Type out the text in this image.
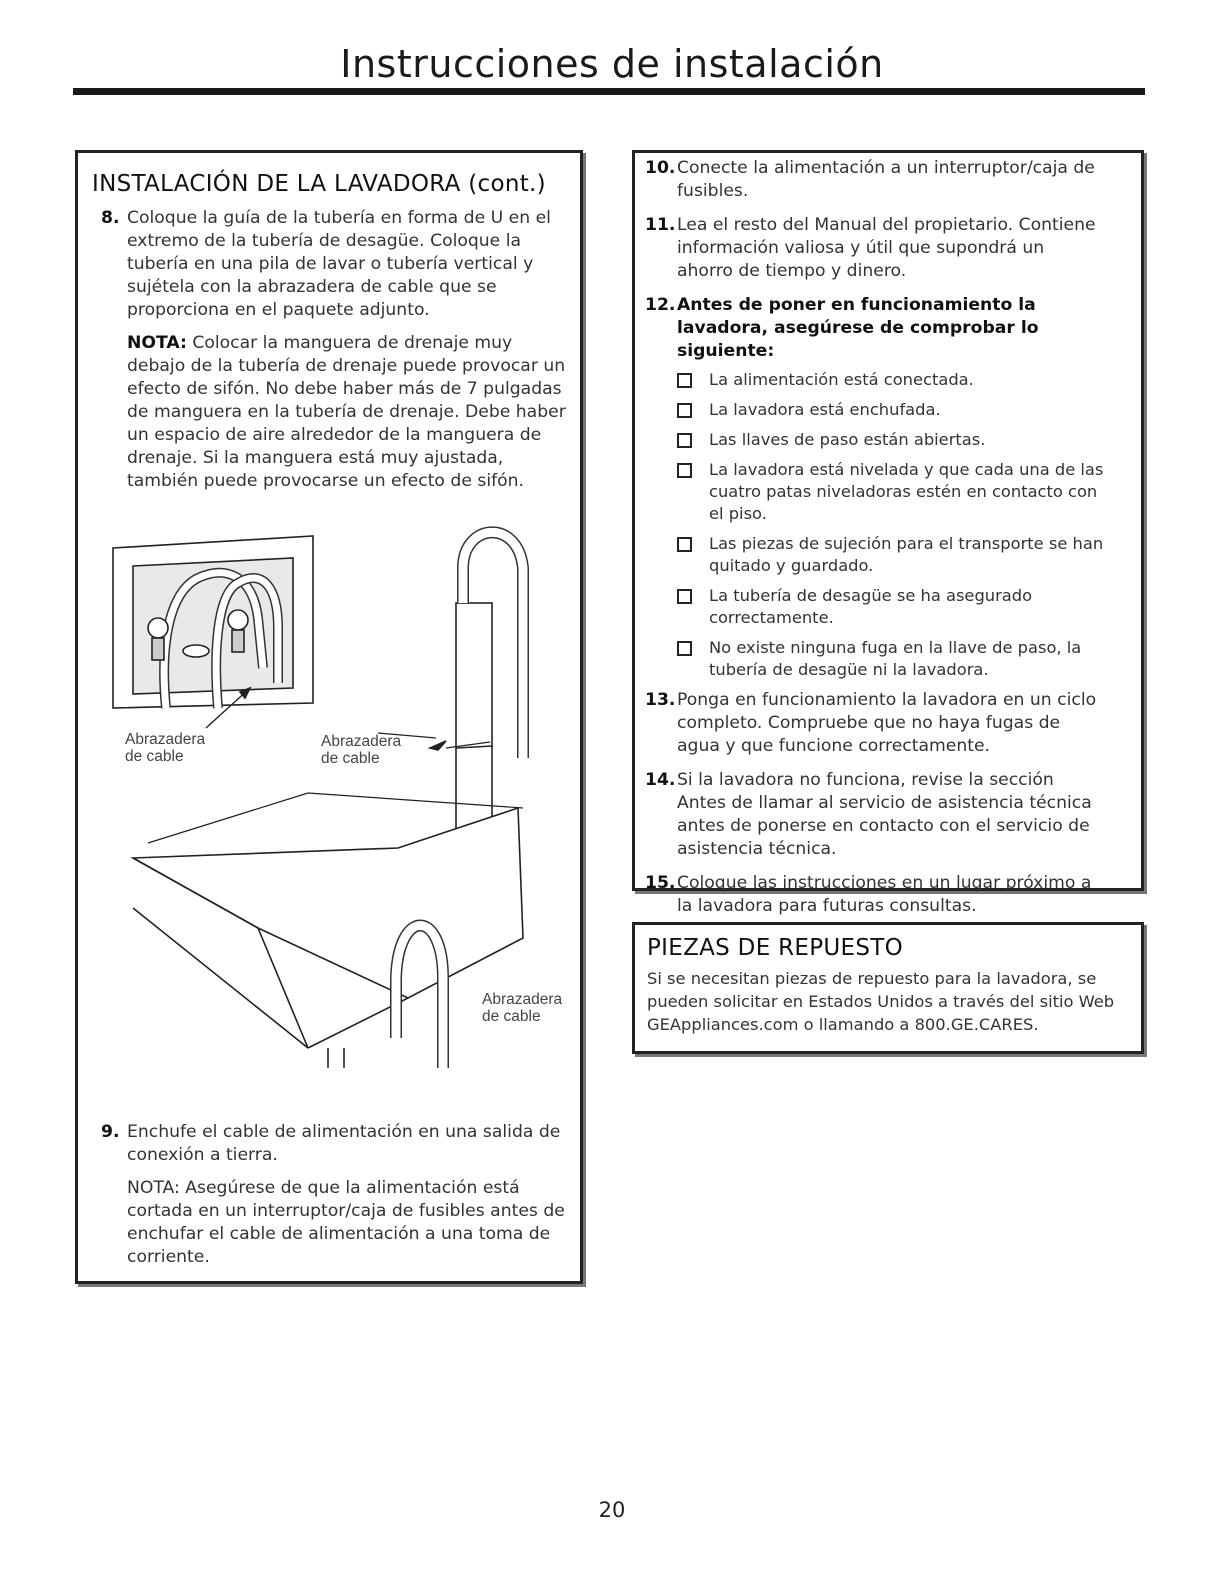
Instrucciones de instalación
INSTALACIÓN DE LA LAVADORA (cont.)

8. Coloque la guía de la tubería en forma de U en el extremo de la tubería de desagüe. Coloque la tubería en una pila de lavar o tubería vertical y sujétela con la abrazadera de cable que se proporciona en el paquete adjunto.

NOTA: Colocar la manguera de drenaje muy debajo de la tubería de drenaje puede provocar un efecto de sifón. No debe haber más de 7 pulgadas de manguera en la tubería de drenaje. Debe haber un espacio de aire alrededor de la manguera de drenaje. Si la manguera está muy ajustada, también puede provocarse un efecto de sifón.

Abrazadera
de cable
Abrazadera
de cable
Abrazadera
de cable

9. Enchufe el cable de alimentación en una salida de conexión a tierra.

NOTA: Asegúrese de que la alimentación está cortada en un interruptor/caja de fusibles antes de enchufar el cable de alimentación a una toma de corriente.

10. Conecte la alimentación a un interruptor/caja de fusibles.

11. Lea el resto del Manual del propietario. Contiene información valiosa y útil que supondrá un ahorro de tiempo y dinero.

12. Antes de poner en funcionamiento la lavadora, asegúrese de comprobar lo siguiente:

La alimentación está conectada.
La lavadora está enchufada.
Las llaves de paso están abiertas.
La lavadora está nivelada y que cada una de las cuatro patas niveladoras estén en contacto con el piso.
Las piezas de sujeción para el transporte se han quitado y guardado.
La tubería de desagüe se ha asegurado correctamente.
No existe ninguna fuga en la llave de paso, la tubería de desagüe ni la lavadora.

13. Ponga en funcionamiento la lavadora en un ciclo completo. Compruebe que no haya fugas de agua y que funcione correctamente.

14. Si la lavadora no funciona, revise la sección Antes de llamar al servicio de asistencia técnica antes de ponerse en contacto con el servicio de asistencia técnica.

15. Coloque las instrucciones en un lugar próximo a la lavadora para futuras consultas.

PIEZAS DE REPUESTO

Si se necesitan piezas de repuesto para la lavadora, se pueden solicitar en Estados Unidos a través del sitio Web GEAppliances.com o llamando a 800.GE.CARES.

20
